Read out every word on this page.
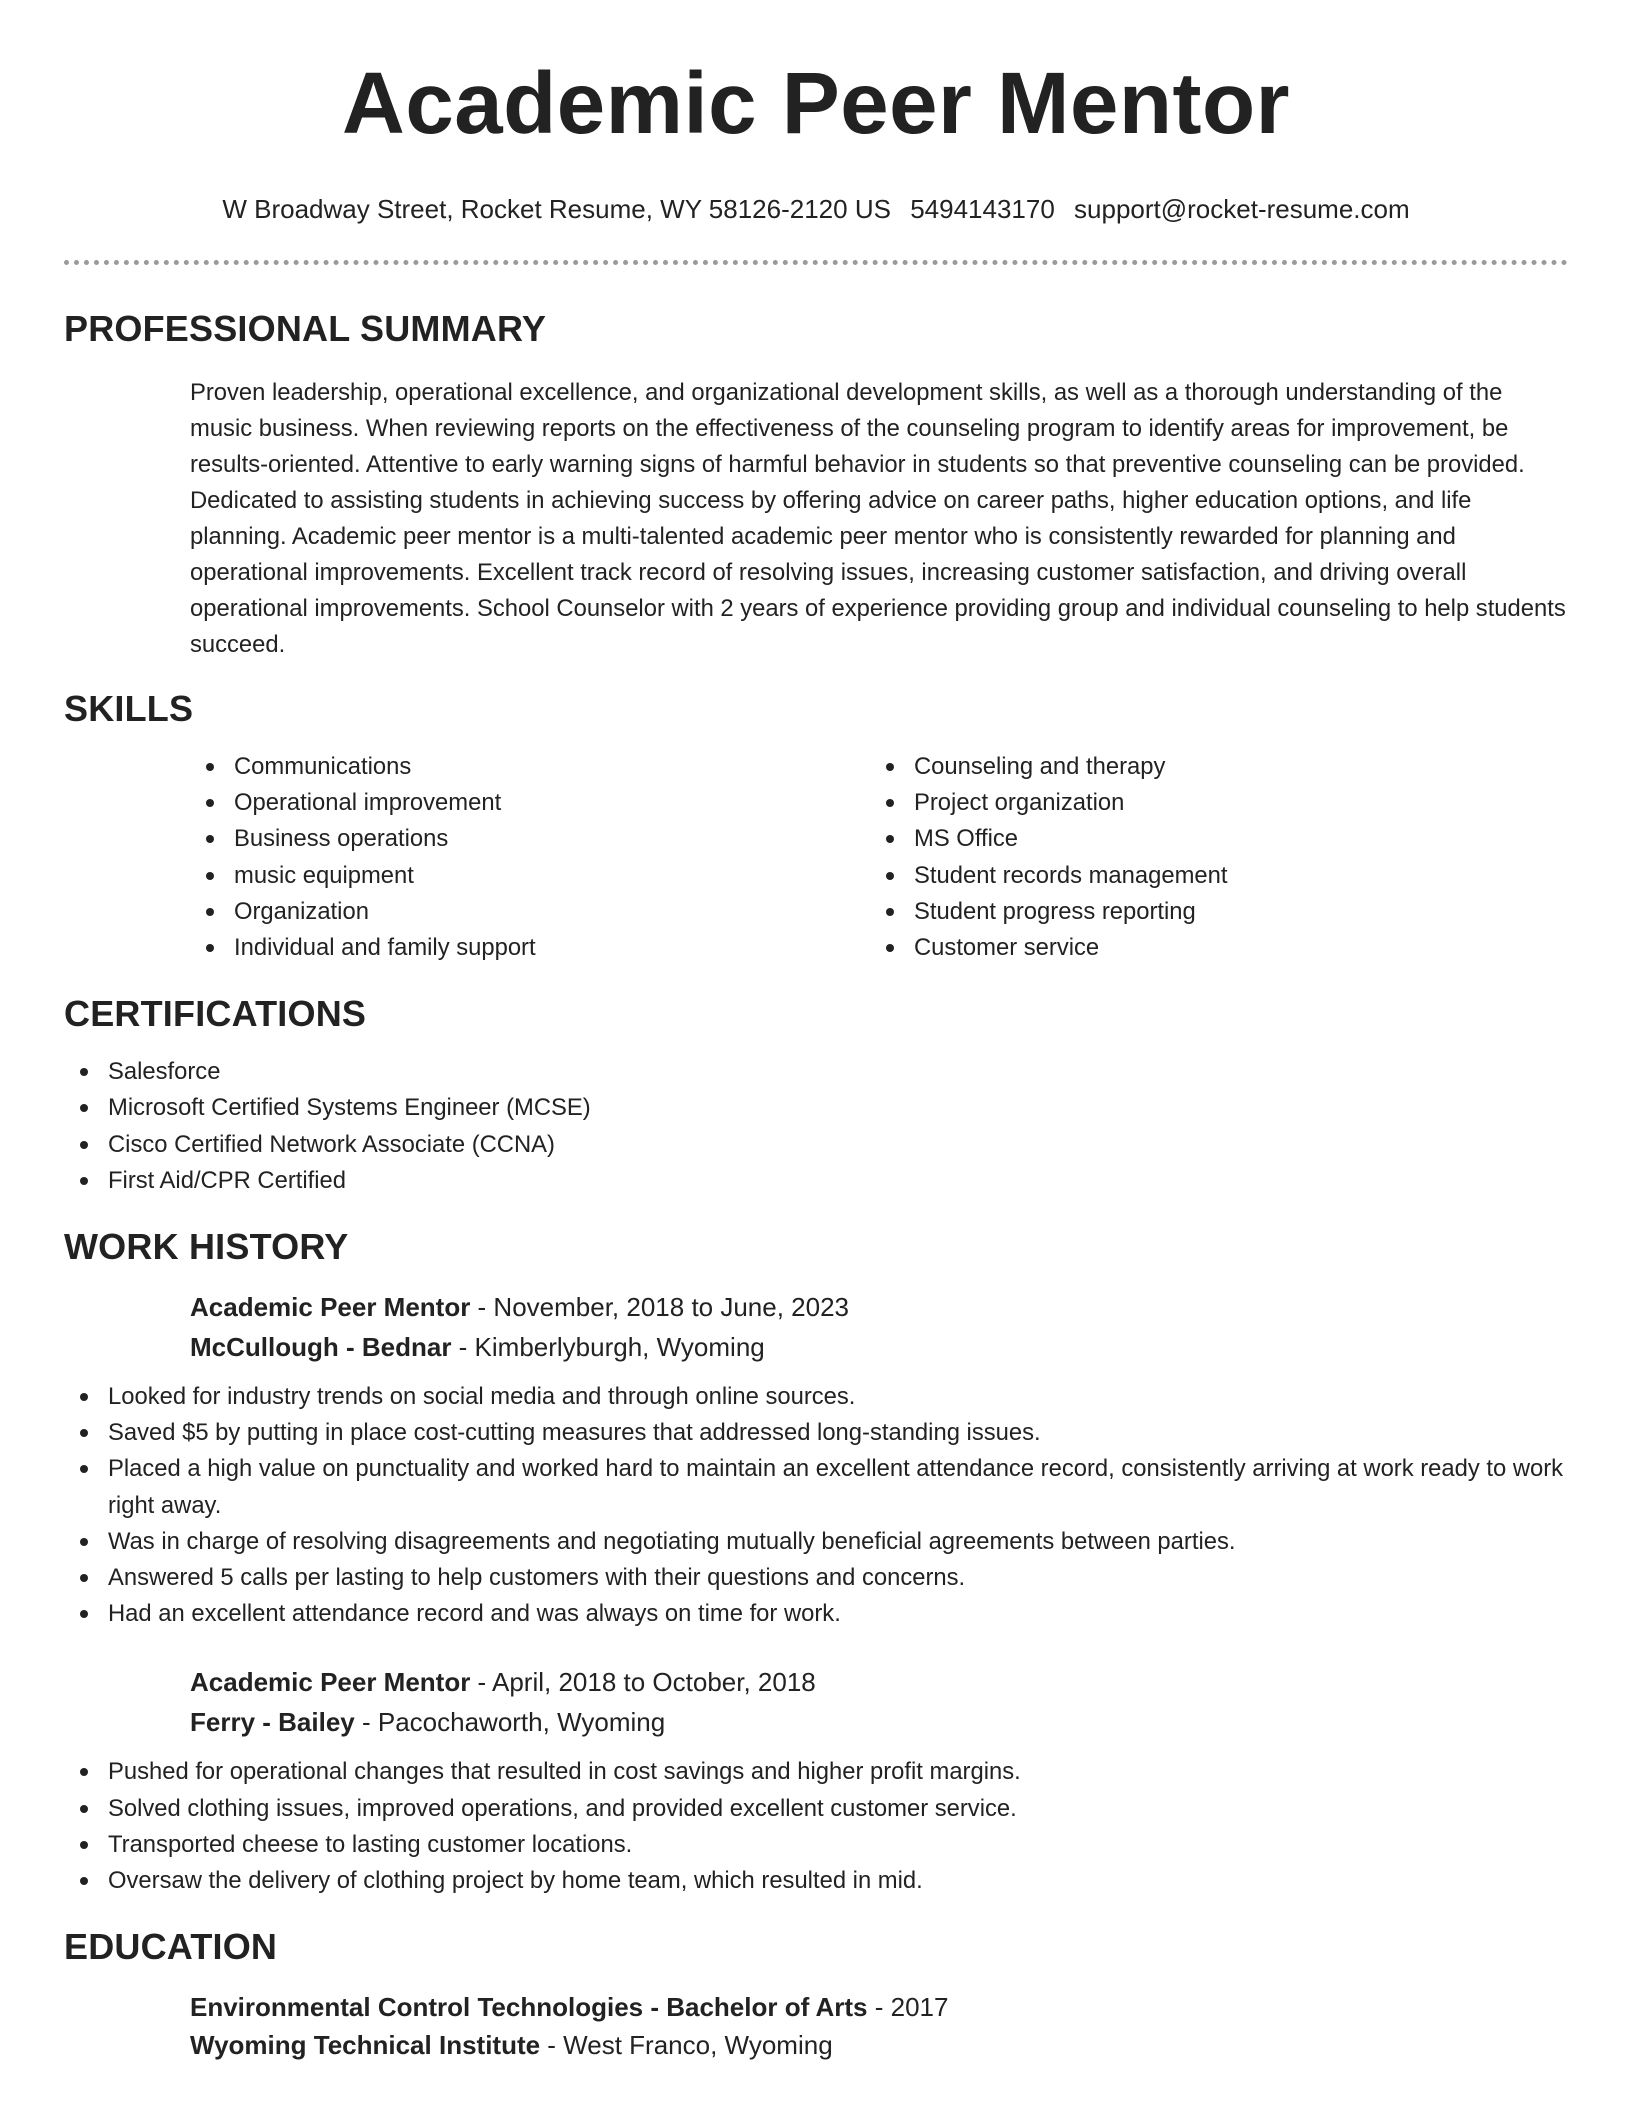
Academic Peer Mentor
W Broadway Street, Rocket Resume, WY 58126-2120 US 5494143170 support@rocket-resume.com
PROFESSIONAL SUMMARY

Proven leadership, operational excellence, and organizational development skills, as well as a thorough understanding of the music business. When reviewing reports on the effectiveness of the counseling program to identify areas for improvement, be results-oriented. Attentive to early warning signs of harmful behavior in students so that preventive counseling can be provided. Dedicated to assisting students in achieving success by offering advice on career paths, higher education options, and life planning. Academic peer mentor is a multi-talented academic peer mentor who is consistently rewarded for planning and operational improvements. Excellent track record of resolving issues, increasing customer satisfaction, and driving overall operational improvements. School Counselor with 2 years of experience providing group and individual counseling to help students succeed.

SKILLS
Communications
Operational improvement
Business operations
music equipment
Organization
Individual and family support
Counseling and therapy
Project organization
MS Office
Student records management
Student progress reporting
Customer service
CERTIFICATIONS
Salesforce
Microsoft Certified Systems Engineer (MCSE)
Cisco Certified Network Associate (CCNA)
First Aid/CPR Certified
WORK HISTORY
Academic Peer Mentor - November, 2018 to June, 2023
McCullough - Bednar - Kimberlyburgh, Wyoming
Looked for industry trends on social media and through online sources.
Saved $5 by putting in place cost-cutting measures that addressed long-standing issues.
Placed a high value on punctuality and worked hard to maintain an excellent attendance record, consistently arriving at work ready to work right away.
Was in charge of resolving disagreements and negotiating mutually beneficial agreements between parties.
Answered 5 calls per lasting to help customers with their questions and concerns.
Had an excellent attendance record and was always on time for work.
Academic Peer Mentor - April, 2018 to October, 2018
Ferry - Bailey - Pacochaworth, Wyoming
Pushed for operational changes that resulted in cost savings and higher profit margins.
Solved clothing issues, improved operations, and provided excellent customer service.
Transported cheese to lasting customer locations.
Oversaw the delivery of clothing project by home team, which resulted in mid.
EDUCATION
Environmental Control Technologies - Bachelor of Arts - 2017
Wyoming Technical Institute - West Franco, Wyoming
